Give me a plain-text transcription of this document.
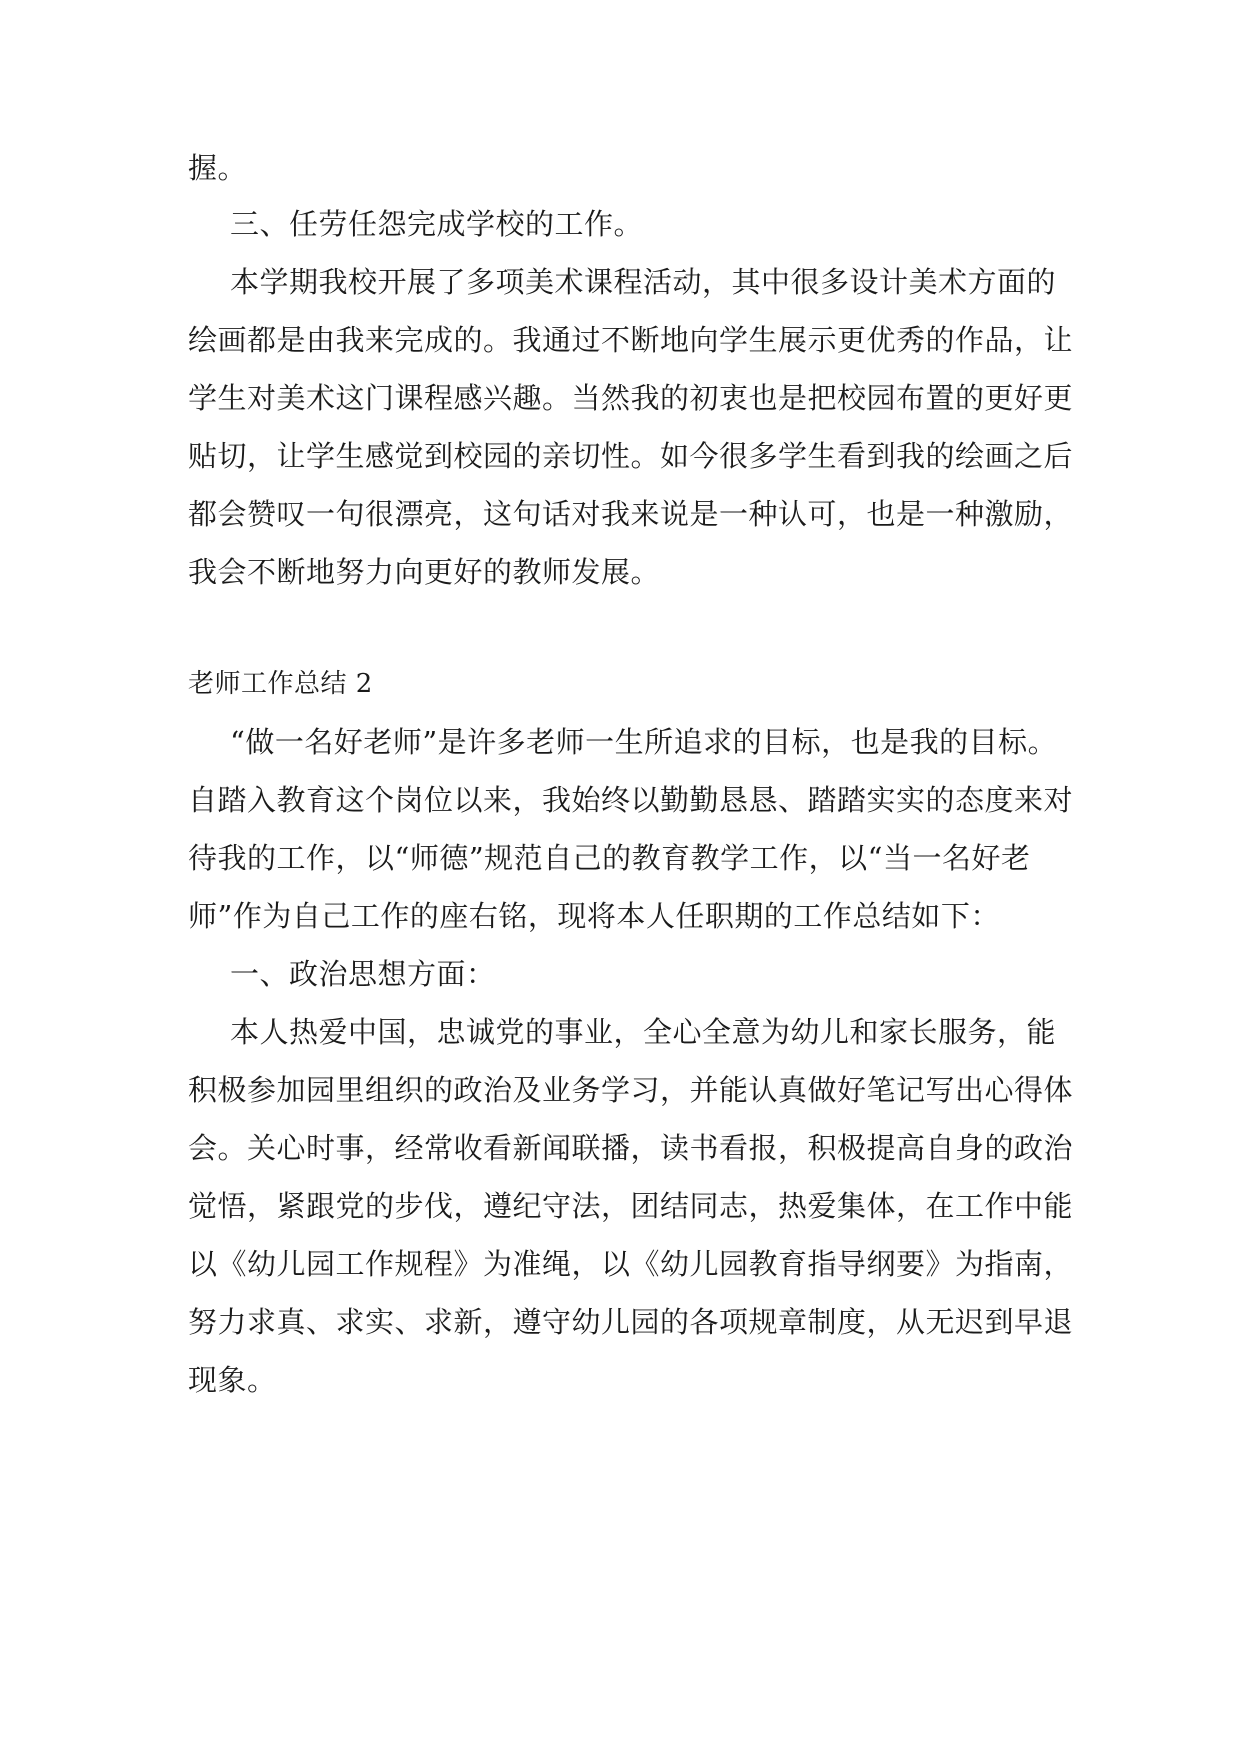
握。
三、任劳任怨完成学校的工作。
本学期我校开展了多项美术课程活动，其中很多设计美术方面的
绘画都是由我来完成的。我通过不断地向学生展示更优秀的作品，让
学生对美术这门课程感兴趣。当然我的初衷也是把校园布置的更好更
贴切，让学生感觉到校园的亲切性。如今很多学生看到我的绘画之后
都会赞叹一句很漂亮，这句话对我来说是一种认可，也是一种激励，
我会不断地努力向更好的教师发展。
老师工作总结 2
“做一名好老师”是许多老师一生所追求的目标，也是我的目标。
自踏入教育这个岗位以来，我始终以勤勤恳恳、踏踏实实的态度来对
待我的工作，以“师德”规范自己的教育教学工作，以“当一名好老
师”作为自己工作的座右铭，现将本人任职期的工作总结如下：
一、政治思想方面：
本人热爱中国，忠诚党的事业，全心全意为幼儿和家长服务，能
积极参加园里组织的政治及业务学习，并能认真做好笔记写出心得体
会。关心时事，经常收看新闻联播，读书看报，积极提高自身的政治
觉悟，紧跟党的步伐，遵纪守法，团结同志，热爱集体，在工作中能
以《幼儿园工作规程》为准绳，以《幼儿园教育指导纲要》为指南，
努力求真、求实、求新，遵守幼儿园的各项规章制度，从无迟到早退
现象。
